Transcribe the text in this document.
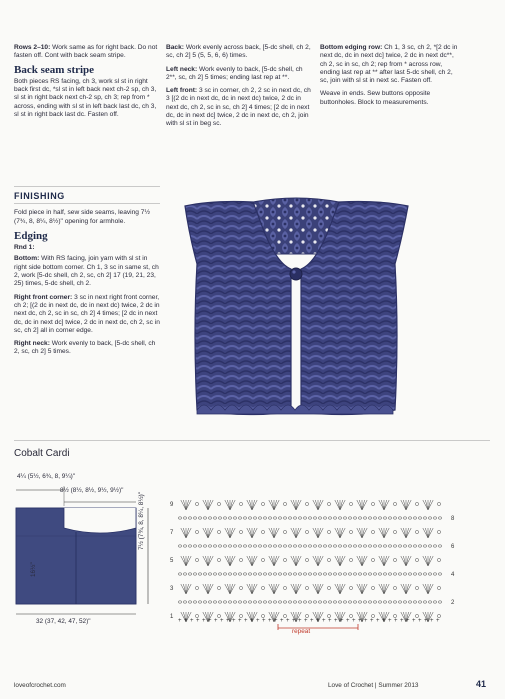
Rows 2–10: Work same as for right back. Do not fasten off. Cont with back seam stripe.

Back seam stripe

Both pieces RS facing, ch 3, work sl st in right back first dc, *sl st in left back next ch-2 sp, ch 3, sl st in right back next ch-2 sp, ch 3; rep from * across, ending with sl st in left back last dc, ch 3, sl st in right back last dc. Fasten off.

FINISHING

Fold piece in half, sew side seams, leaving 7½ (7¾, 8, 8¼, 8½)" opening for armhole.

Edging

Rnd 1:

Bottom: With RS facing, join yarn with sl st in right side bottom corner. Ch 1, 3 sc in same st, ch 2, work [5-dc shell, ch 2, sc, ch 2] 17 (19, 21, 23, 25) times, 5-dc shell, ch 2.

Right front corner: 3 sc in next right front corner, ch 2; [(2 dc in next dc, dc in next dc) twice, 2 dc in next dc, ch 2, sc in sc, ch 2] 4 times; [2 dc in next dc, dc in next dc] twice, 2 dc in next dc, ch 2, sc in sc, ch 2] all in corner edge.

Right neck: Work evenly to back, [5-dc shell, ch 2, sc, ch 2] 5 times.

Back: Work evenly across back, [5-dc shell, ch 2, sc, ch 2] 5 (5, 5, 6, 6) times.

Left neck: Work evenly to back, [5-dc shell, ch 2**, sc, ch 2] 5 times; ending last rep at **.

Left front: 3 sc in corner, ch 2, 2 sc in next dc, ch 3 [(2 dc in next dc, dc in next dc) twice, 2 dc in next dc, ch 2, sc in sc, ch 2] 4 times; [2 dc in next dc, dc in next dc] twice, 2 dc in next dc, ch 2, join with sl st in beg sc.

Bottom edging row: Ch 1, 3 sc, ch 2, *[2 dc in next dc, dc in next dc] twice, 2 dc in next dc**, ch 2, sc in sc, ch 2; rep from * across row, ending last rep at ** after last 5-dc shell, ch 2, sc, join with sl st in next sc. Fasten off.

Weave in ends. Sew buttons opposite buttonholes. Block to measurements.

Cobalt Cardi
4¼ (5½, 6¾, 8, 9¼)"
8½ (8½, 8½, 9½, 9½)"
7½ (7¾, 8, 8¼, 8½)"
16½"
32 (37, 42, 47, 52)"
9
8
7
6
5
4
3
2
1
+ + + + + + + + + + + + + + + + + + + + + + + + + + + + + + + + + + + + + + + + + + + +
repeat
loveofcrochet.com	Love of Crochet | Summer 2013	41
